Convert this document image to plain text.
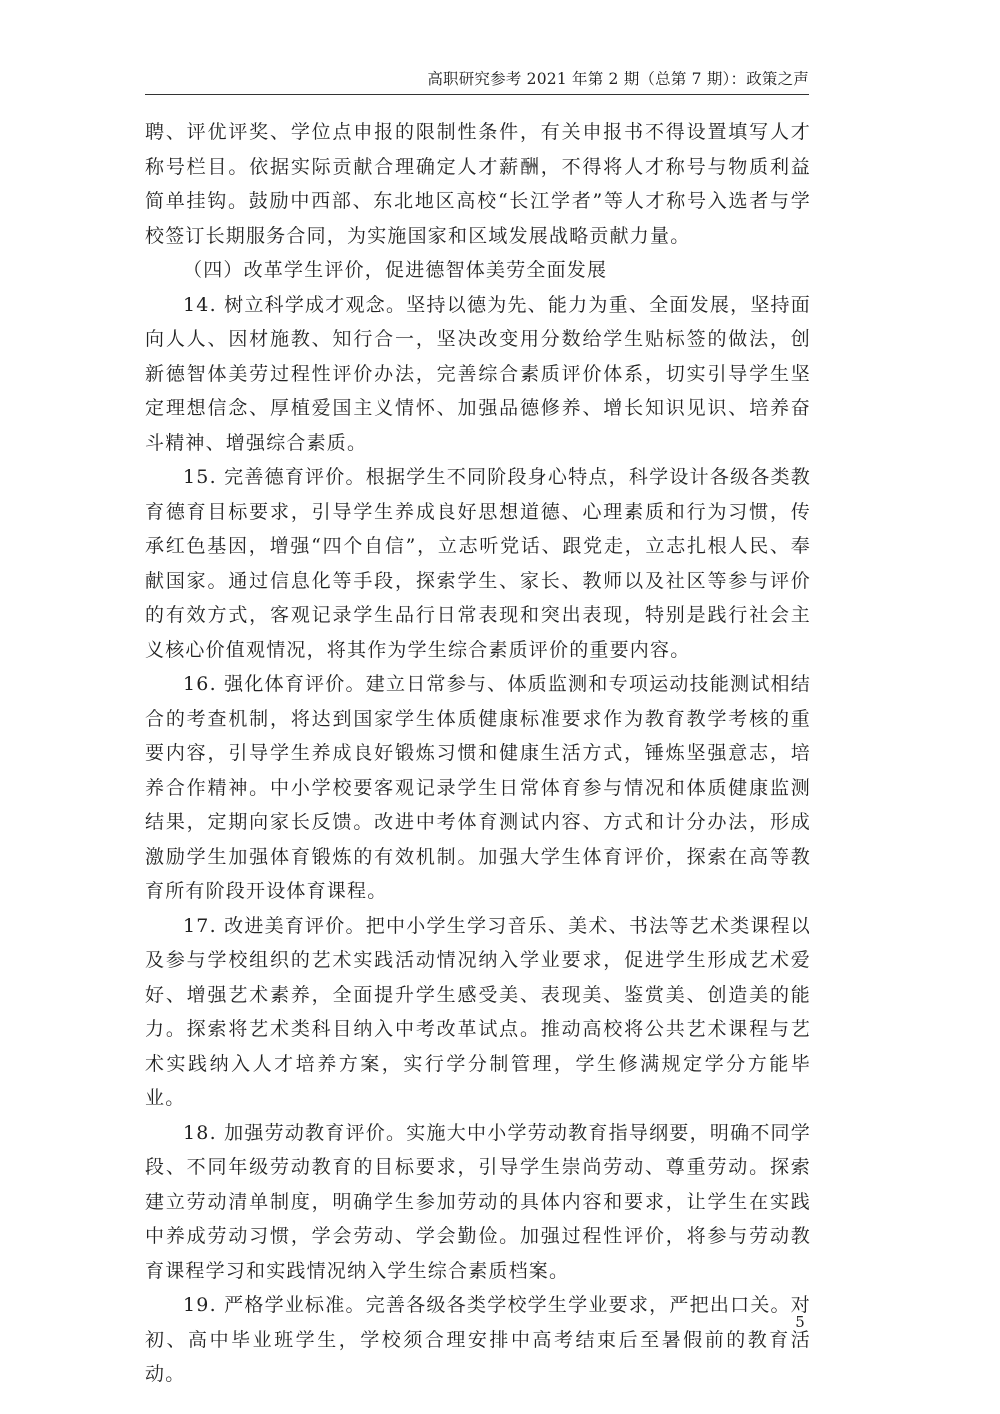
高职研究参考 2021 年第 2 期（总第 7 期）：政策之声

聘、评优评奖、学位点申报的限制性条件，有关申报书不得设置填写人才称号栏目。依据实际贡献合理确定人才薪酬，不得将人才称号与物质利益简单挂钩。鼓励中西部、东北地区高校“长江学者”等人才称号入选者与学校签订长期服务合同，为实施国家和区域发展战略贡献力量。

（四）改革学生评价，促进德智体美劳全面发展

14. 树立科学成才观念。坚持以德为先、能力为重、全面发展，坚持面向人人、因材施教、知行合一，坚决改变用分数给学生贴标签的做法，创新德智体美劳过程性评价办法，完善综合素质评价体系，切实引导学生坚定理想信念、厚植爱国主义情怀、加强品德修养、增长知识见识、培养奋斗精神、增强综合素质。

15. 完善德育评价。根据学生不同阶段身心特点，科学设计各级各类教育德育目标要求，引导学生养成良好思想道德、心理素质和行为习惯，传承红色基因，增强“四个自信”，立志听党话、跟党走，立志扎根人民、奉献国家。通过信息化等手段，探索学生、家长、教师以及社区等参与评价的有效方式，客观记录学生品行日常表现和突出表现，特别是践行社会主义核心价值观情况，将其作为学生综合素质评价的重要内容。

16. 强化体育评价。建立日常参与、体质监测和专项运动技能测试相结合的考查机制，将达到国家学生体质健康标准要求作为教育教学考核的重要内容，引导学生养成良好锻炼习惯和健康生活方式，锤炼坚强意志，培养合作精神。中小学校要客观记录学生日常体育参与情况和体质健康监测结果，定期向家长反馈。改进中考体育测试内容、方式和计分办法，形成激励学生加强体育锻炼的有效机制。加强大学生体育评价，探索在高等教育所有阶段开设体育课程。

17. 改进美育评价。把中小学生学习音乐、美术、书法等艺术类课程以及参与学校组织的艺术实践活动情况纳入学业要求，促进学生形成艺术爱好、增强艺术素养，全面提升学生感受美、表现美、鉴赏美、创造美的能力。探索将艺术类科目纳入中考改革试点。推动高校将公共艺术课程与艺术实践纳入人才培养方案，实行学分制管理，学生修满规定学分方能毕业。

18. 加强劳动教育评价。实施大中小学劳动教育指导纲要，明确不同学段、不同年级劳动教育的目标要求，引导学生崇尚劳动、尊重劳动。探索建立劳动清单制度，明确学生参加劳动的具体内容和要求，让学生在实践中养成劳动习惯，学会劳动、学会勤俭。加强过程性评价，将参与劳动教育课程学习和实践情况纳入学生综合素质档案。

19. 严格学业标准。完善各级各类学校学生学业要求，严把出口关。对初、高中毕业班学生，学校须合理安排中高考结束后至暑假前的教育活动。

5
